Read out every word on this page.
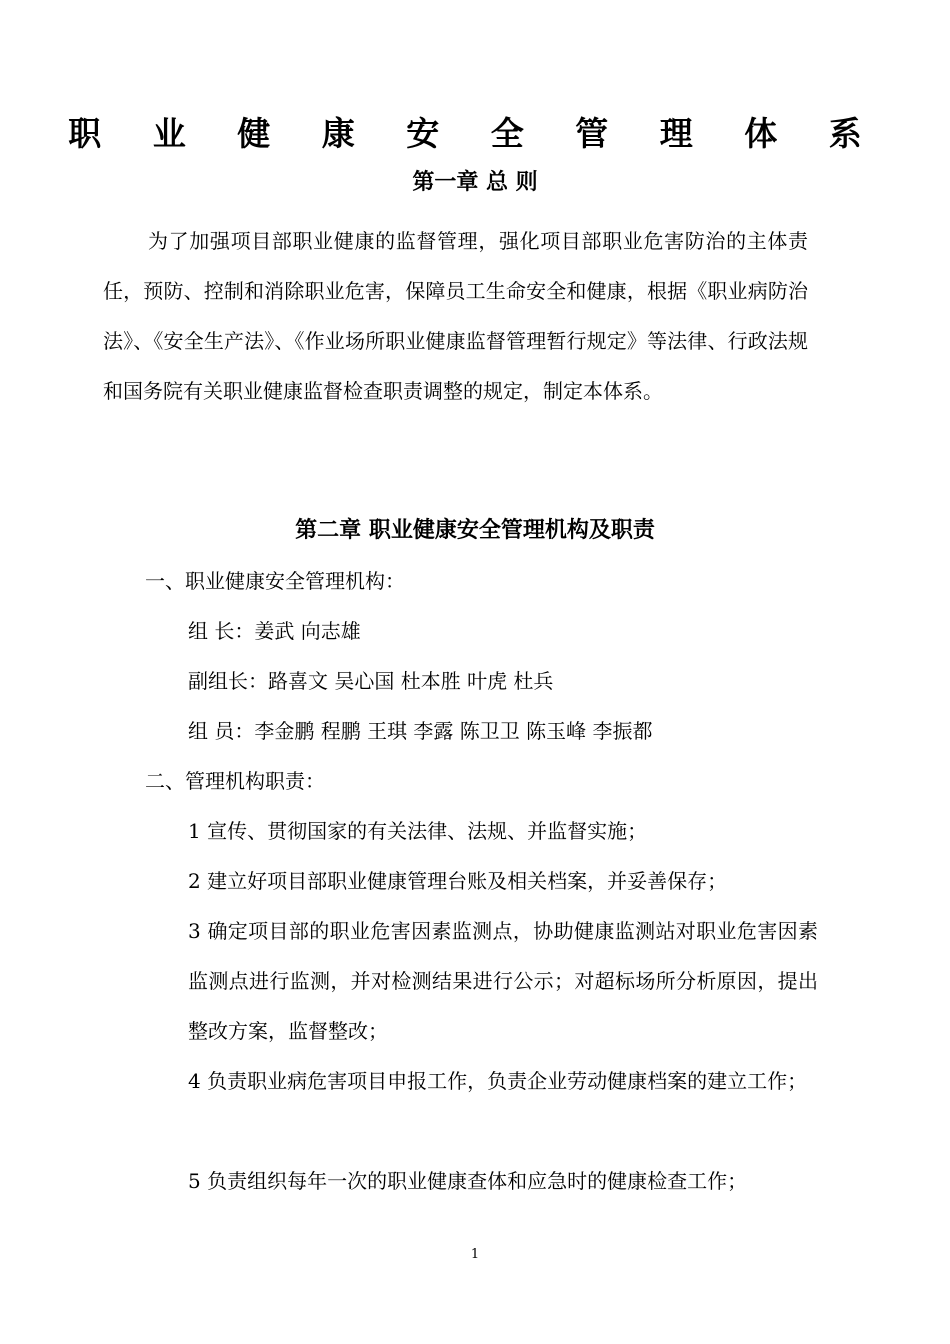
职 业 健 康 安 全 管 理 体 系
第一章 总 则

为了加强项目部职业健康的监督管理，强化项目部职业危害防治的主体责任，预防、控制和消除职业危害，保障员工生命安全和健康，根据《职业病防治法》、《安全生产法》、《作业场所职业健康监督管理暂行规定》等法律、行政法规和国务院有关职业健康监督检查职责调整的规定，制定本体系。

第二章 职业健康安全管理机构及职责

一、职业健康安全管理机构：

组 长：姜武 向志雄

副组长：路喜文 吴心国 杜本胜 叶虎 杜兵

组 员：李金鹏 程鹏 王琪 李露 陈卫卫 陈玉峰 李振都

二、管理机构职责：

1 宣传、贯彻国家的有关法律、法规、并监督实施；

2 建立好项目部职业健康管理台账及相关档案，并妥善保存；

3 确定项目部的职业危害因素监测点，协助健康监测站对职业危害因素监测点进行监测，并对检测结果进行公示；对超标场所分析原因，提出整改方案，监督整改；

4 负责职业病危害项目申报工作，负责企业劳动健康档案的建立工作；

5 负责组织每年一次的职业健康查体和应急时的健康检查工作；

1
